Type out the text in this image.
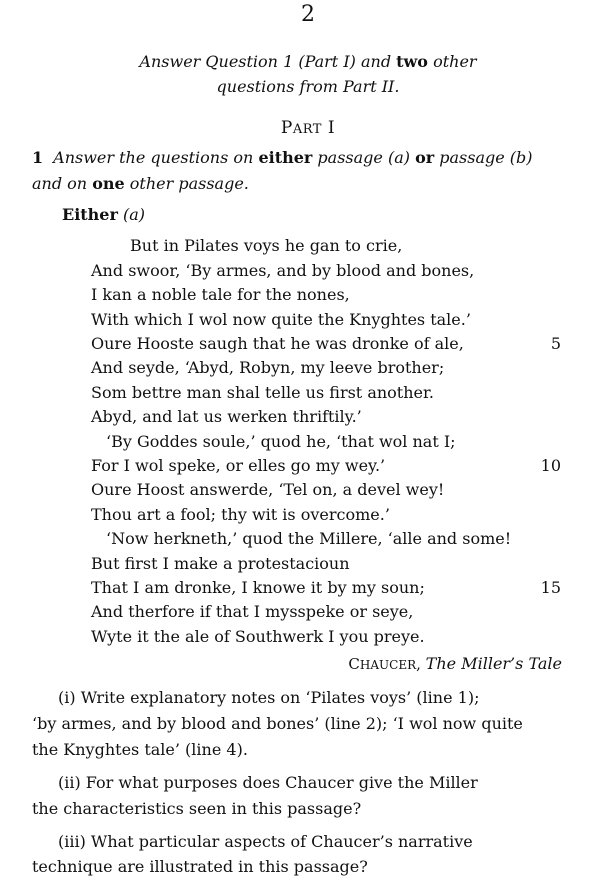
2
Answer Question 1 (Part I) and two other
questions from Part II.
PART I
1 Answer the questions on either passage (a) or passage (b)
and on one other passage.
Either (a)
But in Pilates voys he gan to crie,
And swoor, ‘By armes, and by blood and bones,
I kan a noble tale for the nones,
With which I wol now quite the Knyghtes tale.’
Oure Hooste saugh that he was dronke of ale,
And seyde, ‘Abyd, Robyn, my leeve brother;
Som bettre man shal telle us first another.
Abyd, and lat us werken thriftily.’
‘By Goddes soule,’ quod he, ‘that wol nat I;
For I wol speke, or elles go my wey.’
Oure Hoost answerde, ‘Tel on, a devel wey!
Thou art a fool; thy wit is overcome.’
‘Now herkneth,’ quod the Millere, ‘alle and some!
But first I make a protestacioun
That I am dronke, I knowe it by my soun;
And therfore if that I mysspeke or seye,
Wyte it the ale of Southwerk I you preye.
5
10
15
CHAUCER, The Miller’s Tale
(i) Write explanatory notes on ‘Pilates voys’ (line 1);
‘by armes, and by blood and bones’ (line 2); ‘I wol now quite
the Knyghtes tale’ (line 4).
(ii) For what purposes does Chaucer give the Miller
the characteristics seen in this passage?
(iii) What particular aspects of Chaucer’s narrative
technique are illustrated in this passage?
